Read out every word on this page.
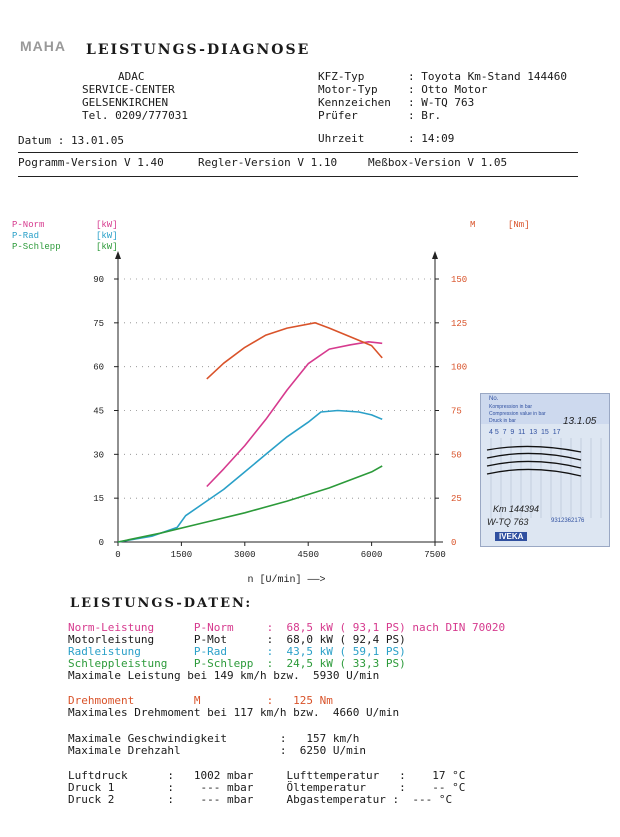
MAHA LEISTUNGS-DIAGNOSE
ADAC
SERVICE-CENTER
GELSENKIRCHEN
Tel. 0209/777031
KFZ-Typ	: Toyota Km-Stand 144460
Motor-Typ	: Otto Motor
Kennzeichen : W-TQ 763
Prüfer	: Br.
Datum : 13.01.05	Uhrzeit	: 14:09
Pogramm-Version V 1.40	Regler-Version V 1.10	Meßbox-Version V 1.05
0
15
30
45
60
75
90
0
25
50
75
100
125
150
0	1500	3000	4500	6000	7500
n [U/min] ——>
P-Norm	[kW]
P-Rad	[kW]
P-Schlepp	[kW]
M	[Nm]
No.
Kompression in bar
Compression value in bar
Druck in bar	13.1.05
4 5  7  9  11  13  15  17
Km 144394
W-TQ 763	9312362176
IVEKA
LEISTUNGS-DATEN:
Norm-Leistung      P-Norm     :  68,5 kW ( 93,1 PS) nach DIN 70020
Motorleistung      P-Mot      :  68,0 kW ( 92,4 PS)
Radleistung        P-Rad      :  43,5 kW ( 59,1 PS)
Schleppleistung    P-Schlepp  :  24,5 kW ( 33,3 PS)
Maximale Leistung bei 149 km/h bzw.  5930 U/min
Drehmoment         M          :   125 Nm
Maximales Drehmoment bei 117 km/h bzw.  4660 U/min
Maximale Geschwindigkeit        :   157 km/h
Maximale Drehzahl               :  6250 U/min
Luftdruck      :   1002 mbar     Lufttemperatur   :    17 °C
Druck 1        :    --- mbar     Öltemperatur     :    -- °C
Druck 2        :    --- mbar     Abgastemperatur :  --- °C
